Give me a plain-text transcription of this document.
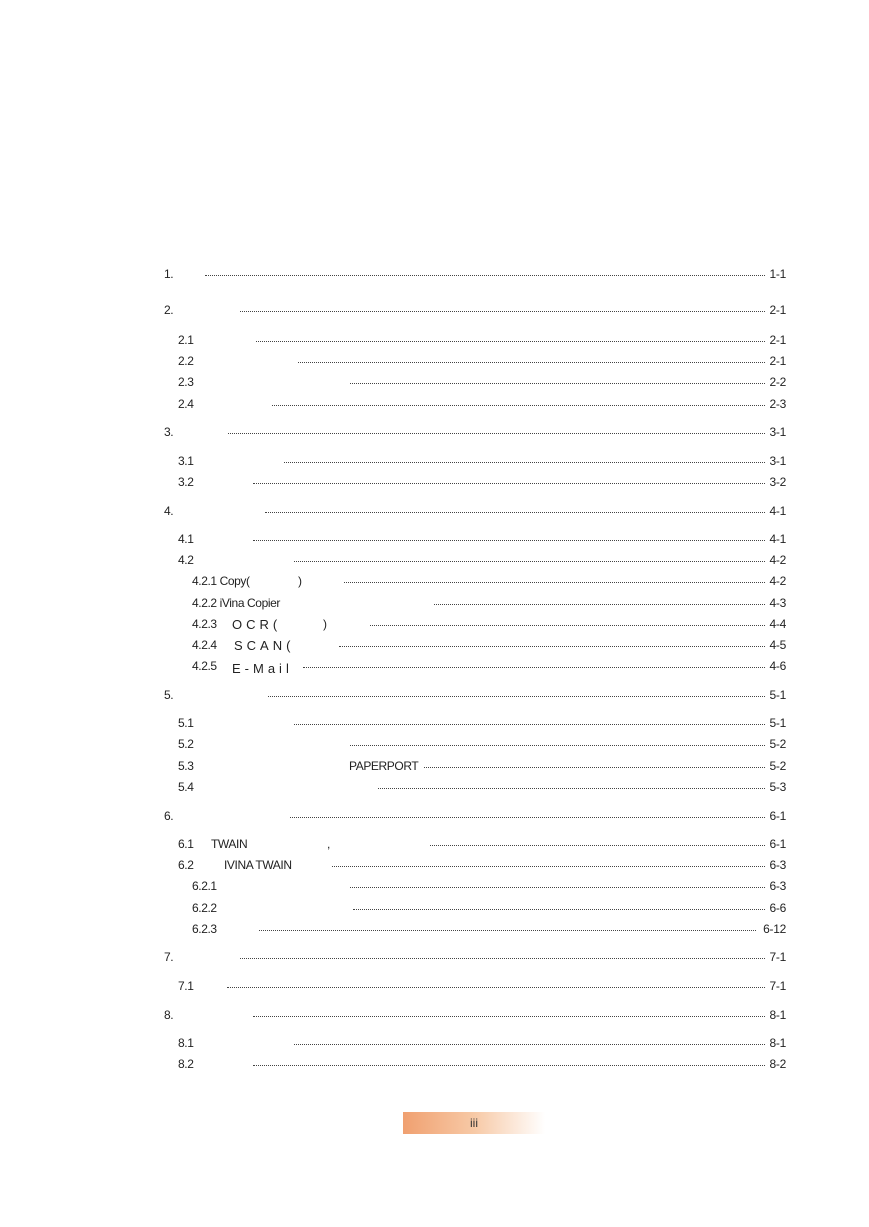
1.	1-1
2.	2-1
2.1	2-1
2.2	2-1
2.3	2-2
2.4	2-3
3.	3-1
3.1	3-1
3.2	3-2
4.	4-1
4.1	4-1
4.2	4-2
4.2.1 Copy(	)	4-2
4.2.2 iVina Copier	4-3
4.2.3 OCR(	)	4-4
4.2.4 SCAN(	4-5
4.2.5 E-Mail	4-6
5.	5-1
5.1	5-1
5.2	5-2
5.3	PAPERPORT	5-2
5.4	5-3
6.	6-1
6.1 TWAIN	,	6-1
6.2	IVINA TWAIN	6-3
6.2.1	6-3
6.2.2	6-6
6.2.3	6-12
7.	7-1
7.1	7-1
8.	8-1
8.1	8-1
8.2	8-2
iii
